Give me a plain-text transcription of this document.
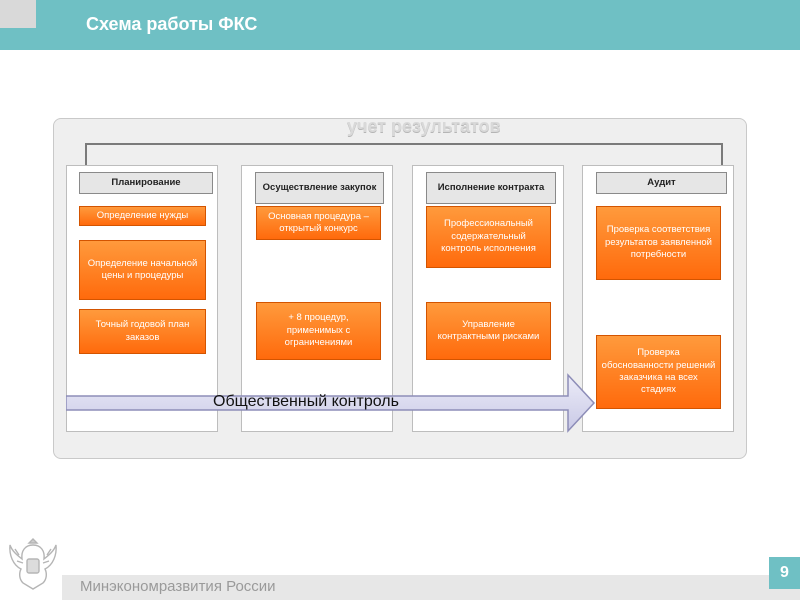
Схема работы ФКС
учет результатов
Планирование
Определение нужды
Определение начальной цены и процедуры
Точный годовой план заказов
Осуществление закупок
Основная процедура – открытый конкурс
+ 8 процедур, применимых с ограничениями
Исполнение контракта
Профессиональный содержательный контроль исполнения
Управление контрактными рисками
Аудит
Проверка соответствия результатов заявленной потребности
Проверка обоснованности решений заказчика на всех стадиях
Общественный контроль
Минэкономразвития России
9
